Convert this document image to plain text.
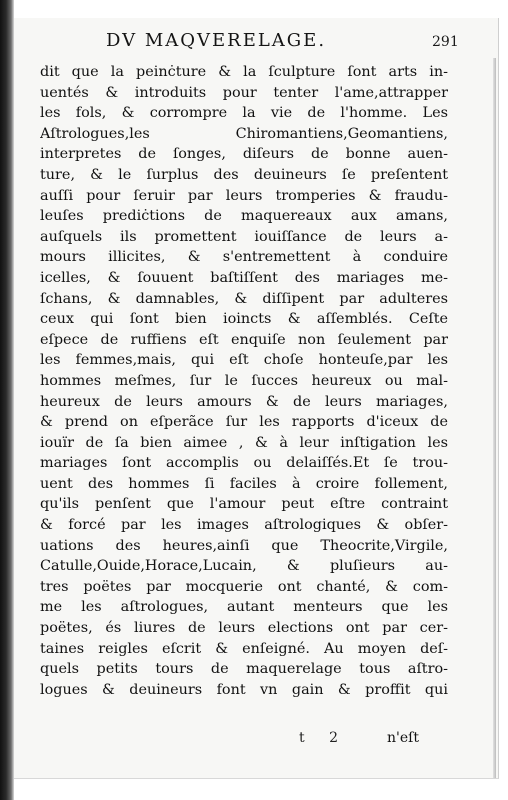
DV MAQVERELAGE.	291
dit que la peinċture & la ſculpture ſont arts in-
uentés & introduits pour tenter l'ame,attrapper
les fols, & corrompre la vie de l'homme. Les
Aſtrologues,les Chiromantiens,Geomantiens,
interpretes de ſonges, diſeurs de bonne auen-
ture, & le ſurplus des deuineurs ſe preſentent
auſſi pour ſeruir par leurs tromperies & fraudu-
leuſes prediċtions de maquereaux aux amans,
auſquels ils promettent iouiſſance de leurs a-
mours illicites, & s'entremettent à conduire
icelles, & ſouuent baſtiſſent des mariages me-
ſchans, & damnables, & diſſipent par adulteres
ceux qui ſont bien ioincts & aſſemblés. Ceſte
eſpece de ruffiens eſt enquiſe non ſeulement par
les femmes,mais, qui eſt choſe honteuſe,par les
hommes meſmes, ſur le ſucces heureux ou mal-
heureux de leurs amours & de leurs mariages,
& prend on eſperãce ſur les rapports d'iceux de
iouïr de ſa bien aimee , & à leur inſtigation les
mariages ſont accomplis ou delaiſſés.Et ſe trou-
uent des hommes ſi faciles à croire follement,
qu'ils penſent que l'amour peut eſtre contraint
& forcé par les images aſtrologiques & obſer-
uations des heures,ainſi que Theocrite,Virgile,
Catulle,Ouide,Horace,Lucain, & pluſieurs au-
tres poëtes par mocquerie ont chanté, & com-
me les aſtrologues, autant menteurs que les
poëtes, és liures de leurs elections ont par cer-
taines reigles eſcrit & enſeigné. Au moyen deſ-
quels petits tours de maquerelage tous aſtro-
logues & deuineurs font vn gain & proffit qui
t 2	n'eſt
